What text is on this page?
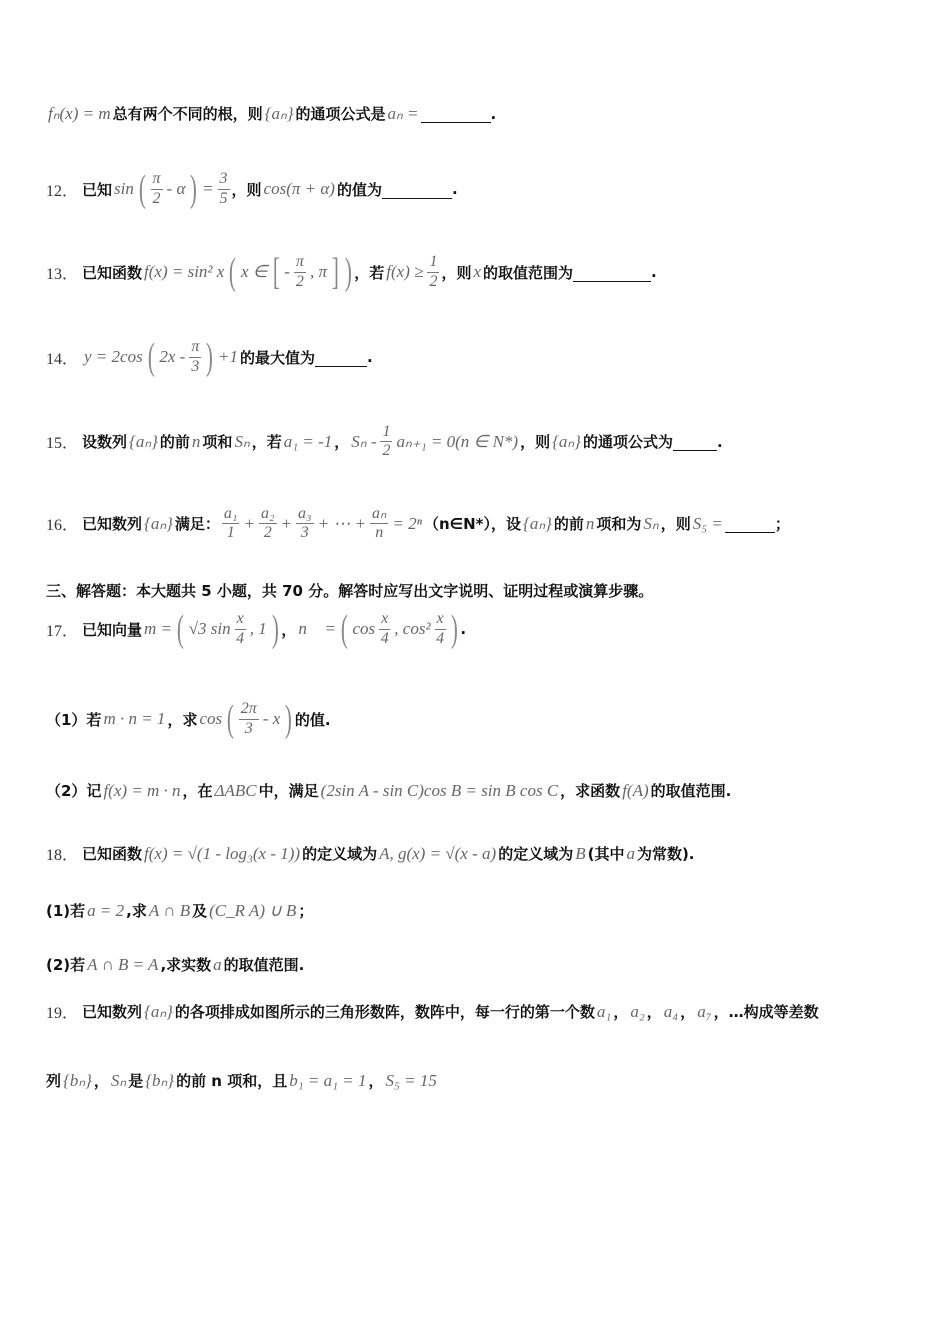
fₙ(x) = m 总有两个不同的根，则 {aₙ} 的通项公式是 aₙ =
	.
12． 已知 sin ( $\frac{\pi}{2}$ - α ) = $\frac{3}{5}$ ，则 cos(π + α) 的值为
	.
13． 已知函数 f(x) = sin² x ( x ∈ [ - $\frac{\pi}{2}$ , π ] ) ，若 $f(x) \ge \frac{1}{2}$ ，则 x 的取值范围为
	.
14． y = 2cos ( $2x - \frac{\pi}{3}$ ) +1 的最大值为
	.
15． 设数列 {aₙ} 的前 n 项和 Sₙ ，若 a₁ = -1 ， $S_n - \frac{1}{2} a_{n+1} = 0(n$ ∈ N*) ，则 {aₙ} 的通项公式为
	.
16． 已知数列 {aₙ} 满足： $\frac{\text{a₁}}{1} + \frac{\text{a₂}}{2} + \frac{\text{a₃}}{3}$ + ⋯ + $\frac{\text{aₙ}}{n} = 2^n$ （n∈N*），设 {aₙ} 的前 n 项和为 Sₙ ，则 S₅ =
	；
三、解答题：本大题共 5 小题，共 70 分。解答时应写出文字说明、证明过程或演算步骤。
17． 已知向量 m = ( √3 $\sin \frac{x}{4}$ , 1 ) ， n⃗ = ( $\cos \frac{x}{4}$ , $\cos^2 \frac{x}{4}$ ) .
（1）若 m · n = 1 ，求 cos ( $\frac{2\pi}{3}$ - x ) 的值.
（2）记 f(x) = m · n ，在 ΔABC 中，满足 (2sin A - sin C)cos B = sin B cos C ，求函数 f(A) 的取值范围.
18． 已知函数 f(x) = √(1 - log₃(x - 1)) 的定义域为 A, g(x) = √(x - a) 的定义域为 B (其中 a 为常数).
(1)若 a = 2 ,求 A ∩ B 及 (C_R A) ∪ B ；
(2)若 A ∩ B = A ,求实数 a 的取值范围.
19． 已知数列 {aₙ} 的各项排成如图所示的三角形数阵，数阵中，每一行的第一个数 a₁ ， a₂ ， a₄ ， a₇ ，…构成等差数
列 {bₙ} ， Sₙ 是 {bₙ} 的前 n 项和，且 b₁ = a₁ = 1 ， S₅ = 15
